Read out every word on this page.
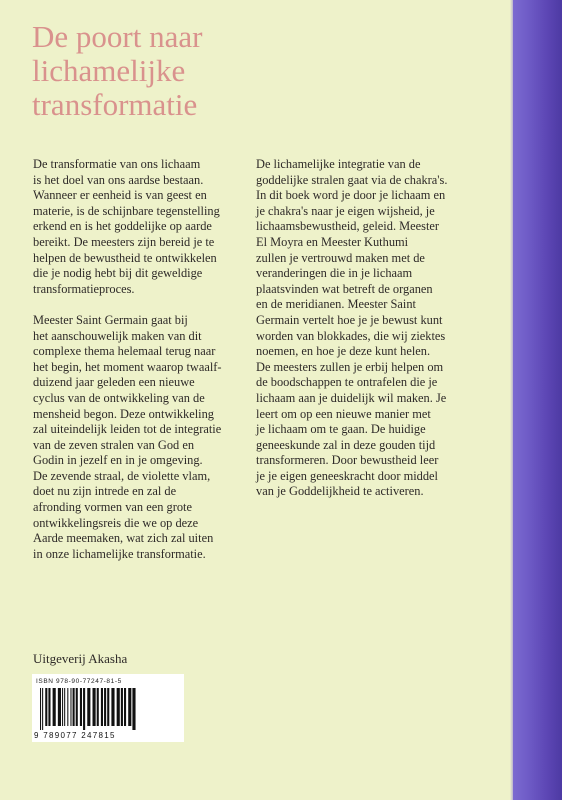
De poort naar
lichamelijke
transformatie
De transformatie van ons lichaam
is het doel van ons aardse bestaan.
Wanneer er eenheid is van geest en
materie, is de schijnbare tegenstelling
erkend en is het goddelijke op aarde
bereikt. De meesters zijn bereid je te
helpen de bewustheid te ontwikkelen
die je nodig hebt bij dit geweldige
transformatieproces.
Meester Saint Germain gaat bij
het aanschouwelijk maken van dit
complexe thema helemaal terug naar
het begin, het moment waarop twaalf-
duizend jaar geleden een nieuwe
cyclus van de ontwikkeling van de
mensheid begon. Deze ontwikkeling
zal uiteindelijk leiden tot de integratie
van de zeven stralen van God en
Godin in jezelf en in je omgeving.
De zevende straal, de violette vlam,
doet nu zijn intrede en zal de
afronding vormen van een grote
ontwikkelingsreis die we op deze
Aarde meemaken, wat zich zal uiten
in onze lichamelijke transformatie.
De lichamelijke integratie van de
goddelijke stralen gaat via de chakra's.
In dit boek word je door je lichaam en
je chakra's naar je eigen wijsheid, je
lichaamsbewustheid, geleid. Meester
El Moyra en Meester Kuthumi
zullen je vertrouwd maken met de
veranderingen die in je lichaam
plaatsvinden wat betreft de organen
en de meridianen. Meester Saint
Germain vertelt hoe je je bewust kunt
worden van blokkades, die wij ziektes
noemen, en hoe je deze kunt helen.
De meesters zullen je erbij helpen om
de boodschappen te ontrafelen die je
lichaam aan je duidelijk wil maken. Je
leert om op een nieuwe manier met
je lichaam om te gaan. De huidige
geneeskunde zal in deze gouden tijd
transformeren. Door bewustheid leer
je je eigen geneeskracht door middel
van je Goddelijkheid te activeren.
Uitgeverij Akasha
ISBN 978-90-77247-81-5
9 789077 247815
